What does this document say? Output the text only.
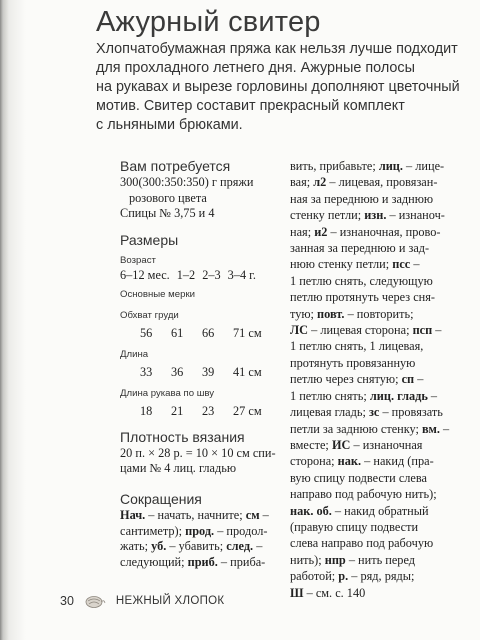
Ажурный свитер
Хлопчатобумажная пряжа как нельзя лучше подходит
для прохладного летнего дня. Ажурные полосы
на рукавах и вырезе горловины дополняют цветочный
мотив. Свитер составит прекрасный комплект
с льняными брюками.
Вам потребуется
300(300:350:350) г пряжи
розового цвета
Спицы № 3,75 и 4
Размеры
Возраст
6–12 мес. 1–2 2–3 3–4 г.
Основные мерки
Обхват груди
56	61	66	71 см
Длина
33	36	39	41 см
Длина рукава по шву
18	21	23	27 см
Плотность вязания
20 п. × 28 р. = 10 × 10 см спи-
цами № 4 лиц. гладью
Сокращения
Нач. – начать, начните; см –
сантиметр); прод. – продол-
жать; уб. – убавить; след. –
следующий; приб. – приба-
вить, прибавьте; лиц. – лице-
вая; л2 – лицевая, провязан-
ная за переднюю и заднюю
стенку петли; изн. – изнаноч-
ная; и2 – изнаночная, прово-
занная за переднюю и зад-
нюю стенку петли; псс –
1 петлю снять, следующую
петлю протянуть через сня-
тую; повт. – повторить;
ЛС – лицевая сторона; псп –
1 петлю снять, 1 лицевая,
протянуть провязанную
петлю через снятую; сп –
1 петлю снять; лиц. гладь –
лицевая гладь; зс – провязать
петли за заднюю стенку; вм. –
вместе; ИС – изнаночная
сторона; нак. – накид (пра-
вую спицу подвести слева
направо под рабочую нить);
нак. об. – накид обратный
(правую спицу подвести
слева направо под рабочую
нить); нпр – нить перед
работой; р. – ряд, ряды;
Ш – см. с. 140
30	НЕЖНЫЙ ХЛОПОК
